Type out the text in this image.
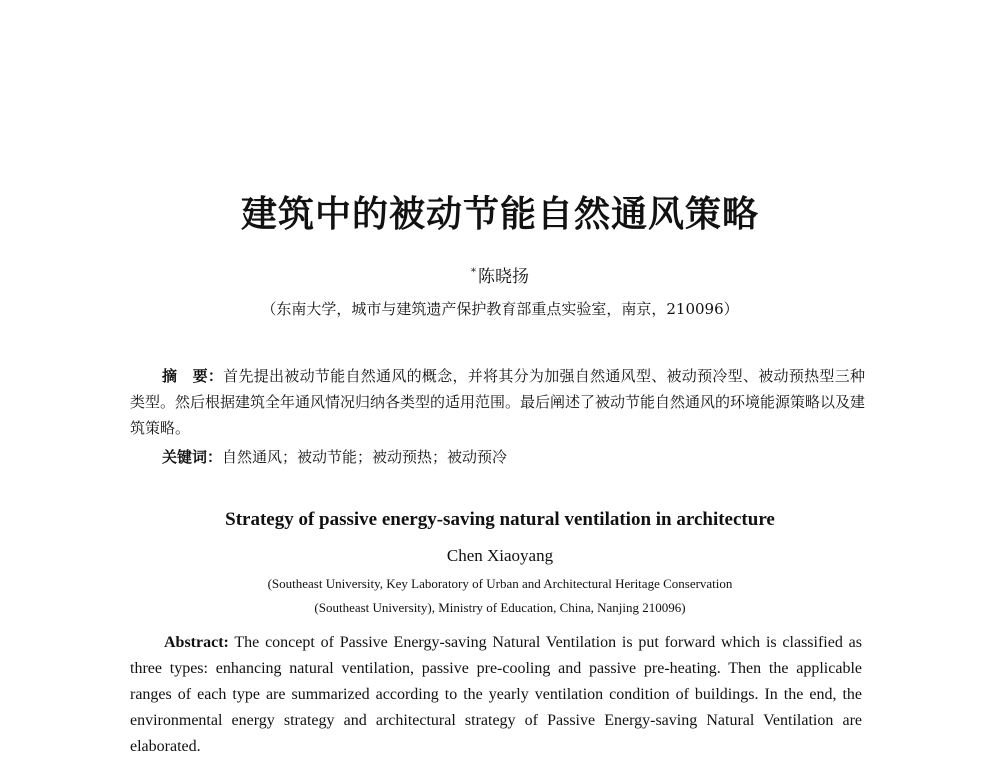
建筑中的被动节能自然通风策略
* 陈晓扬
（东南大学，城市与建筑遗产保护教育部重点实验室，南京，210096）
摘　要：首先提出被动节能自然通风的概念，并将其分为加强自然通风型、被动预冷型、被动预热型三种类型。然后根据建筑全年通风情况归纳各类型的适用范围。最后阐述了被动节能自然通风的环境能源策略以及建筑策略。
关键词：自然通风；被动节能；被动预热；被动预冷
Strategy of passive energy-saving natural ventilation in architecture
Chen Xiaoyang
(Southeast University, Key Laboratory of Urban and Architectural Heritage Conservation
(Southeast University), Ministry of Education, China, Nanjing 210096)
Abstract: The concept of Passive Energy-saving Natural Ventilation is put forward which is classified as three types: enhancing natural ventilation, passive pre-cooling and passive pre-heating. Then the applicable ranges of each type are summarized according to the yearly ventilation condition of buildings. In the end, the environmental energy strategy and architectural strategy of Passive Energy-saving Natural Ventilation are elaborated.
